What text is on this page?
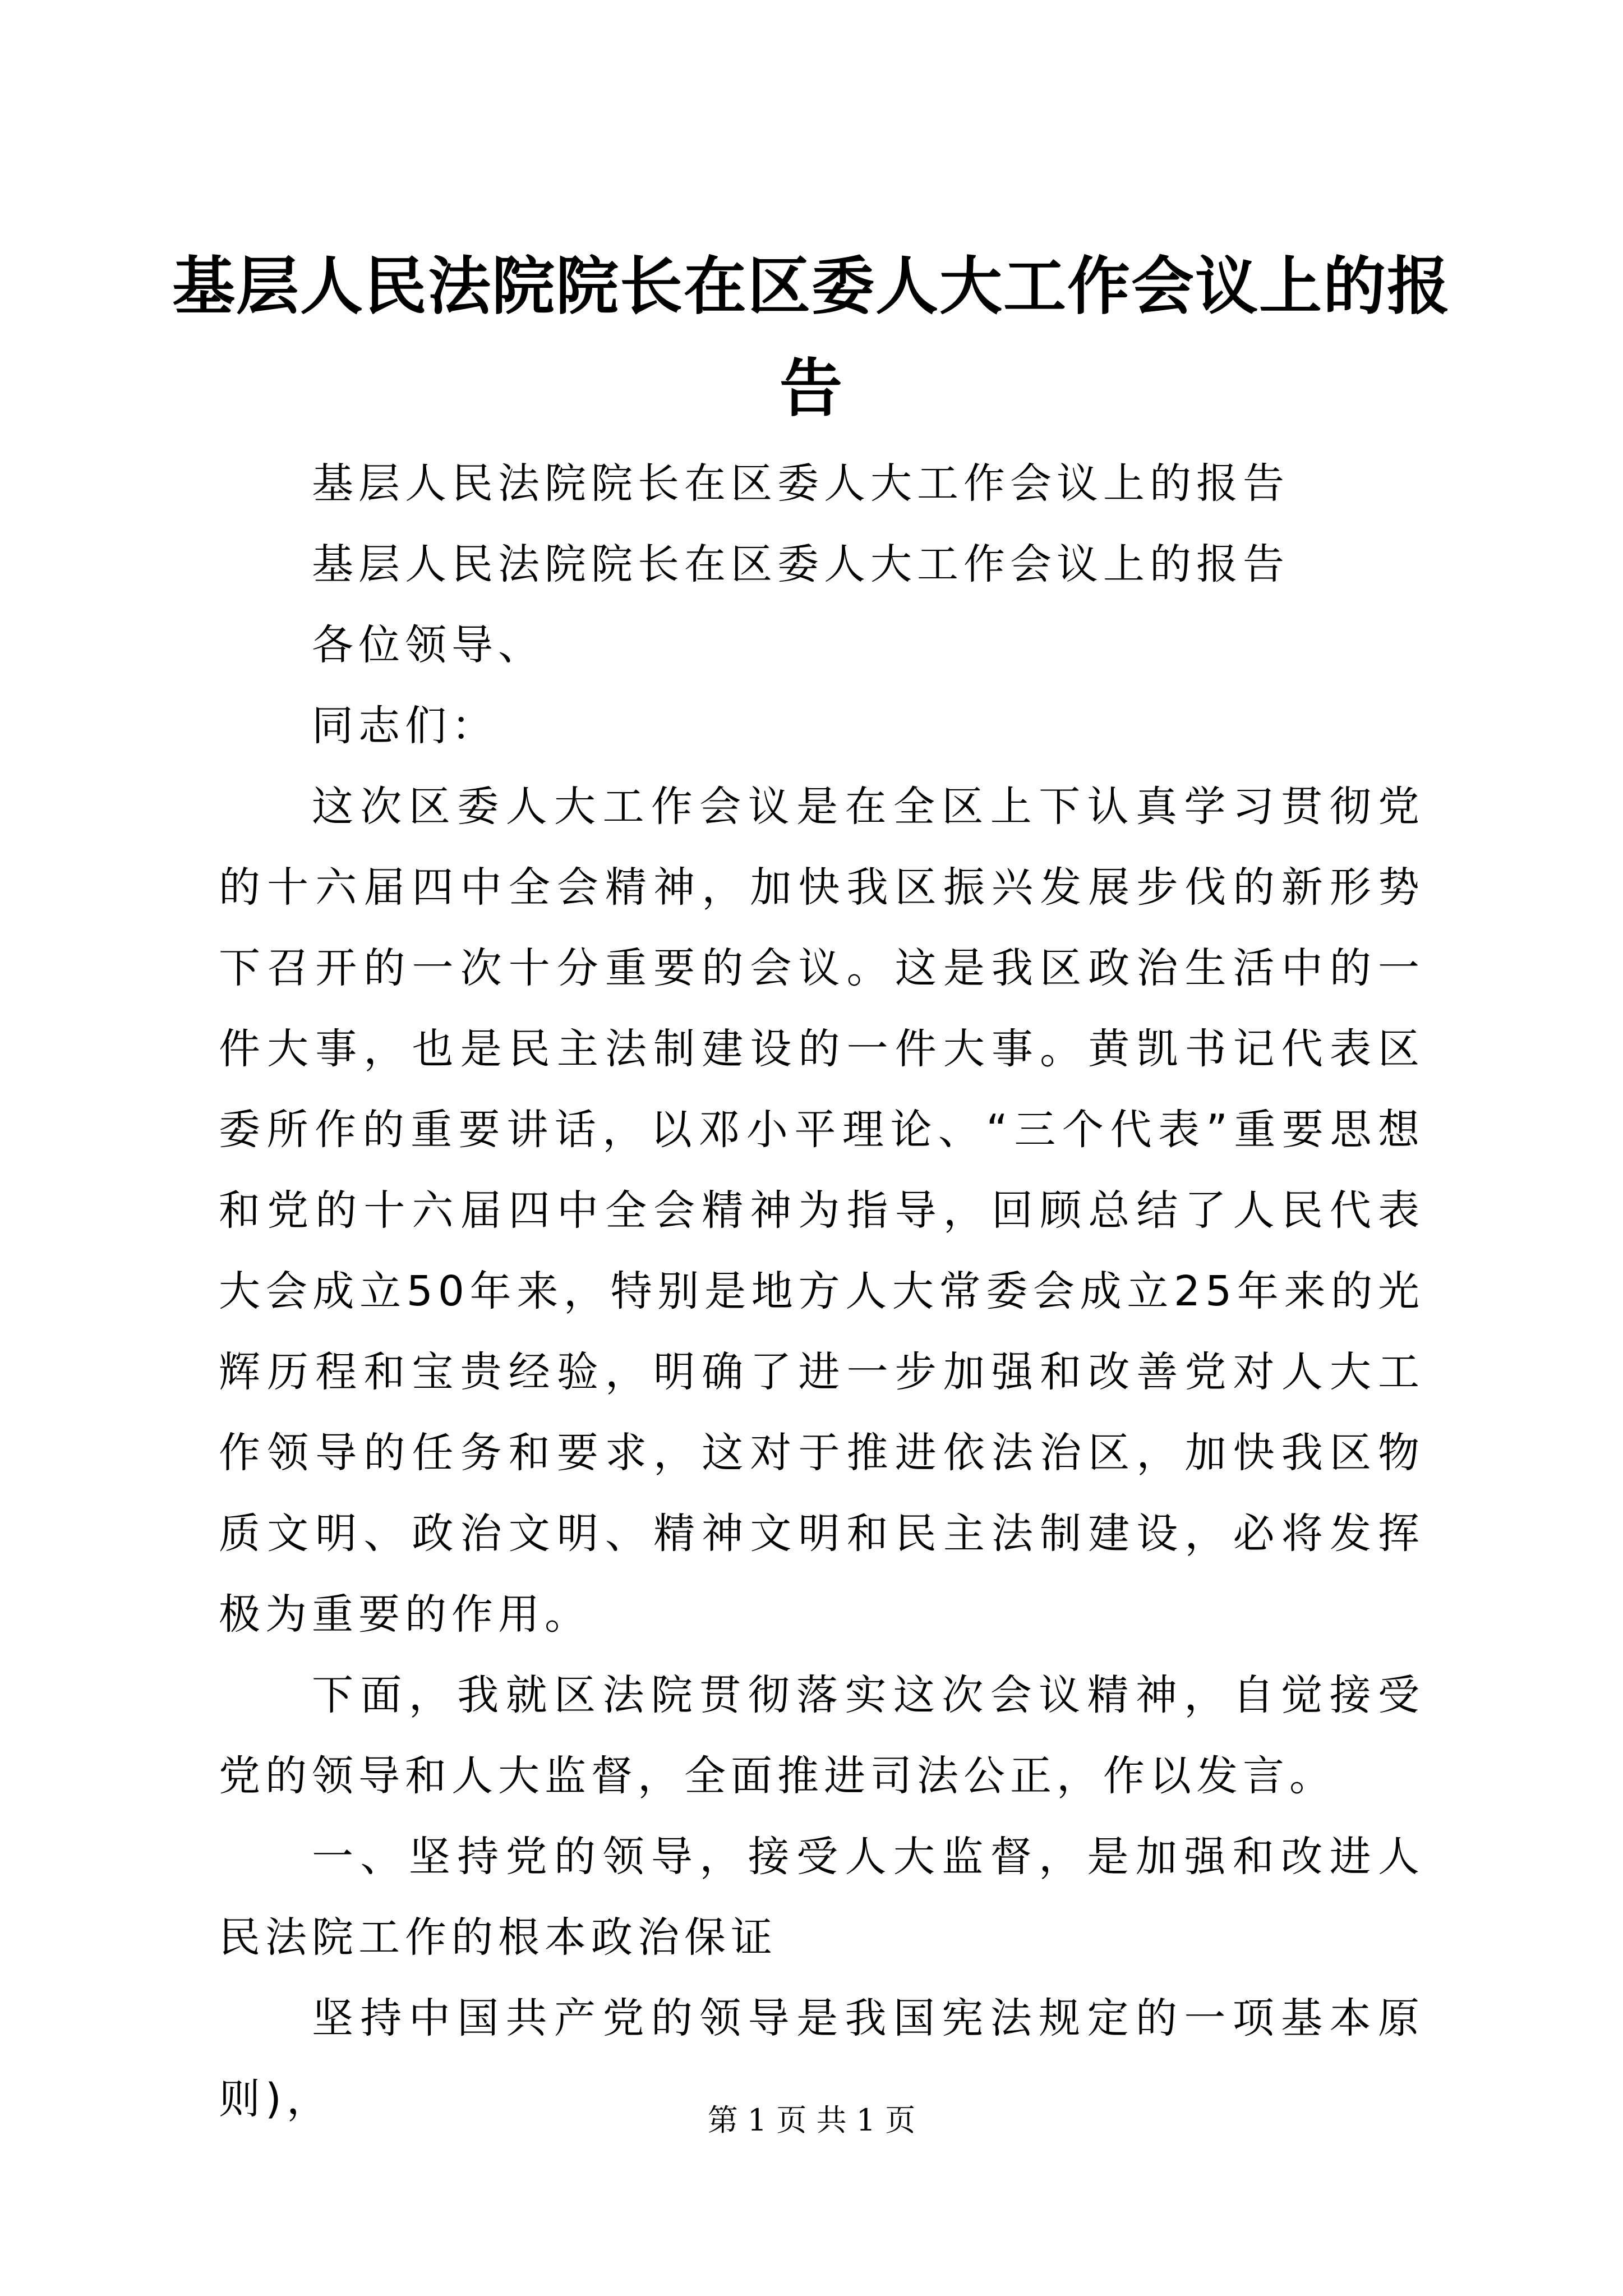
基层人民法院院长在区委人大工作会议上的报告

基层人民法院院长在区委人大工作会议上的报告

基层人民法院院长在区委人大工作会议上的报告

各位领导、

同志们：

这次区委人大工作会议是在全区上下认真学习贯彻党的十六届四中全会精神，加快我区振兴发展步伐的新形势下召开的一次十分重要的会议。这是我区政治生活中的一件大事，也是民主法制建设的一件大事。黄凯书记代表区委所作的重要讲话，以邓小平理论、“三个代表”重要思想和党的十六届四中全会精神为指导，回顾总结了人民代表大会成立50年来，特别是地方人大常委会成立25年来的光辉历程和宝贵经验，明确了进一步加强和改善党对人大工作领导的任务和要求，这对于推进依法治区，加快我区物质文明、政治文明、精神文明和民主法制建设，必将发挥极为重要的作用。

下面，我就区法院贯彻落实这次会议精神，自觉接受党的领导和人大监督，全面推进司法公正，作以发言。

一、坚持党的领导，接受人大监督，是加强和改进人民法院工作的根本政治保证

坚持中国共产党的领导是我国宪法规定的一项基本原则)，	第 1 页 共 1 页
